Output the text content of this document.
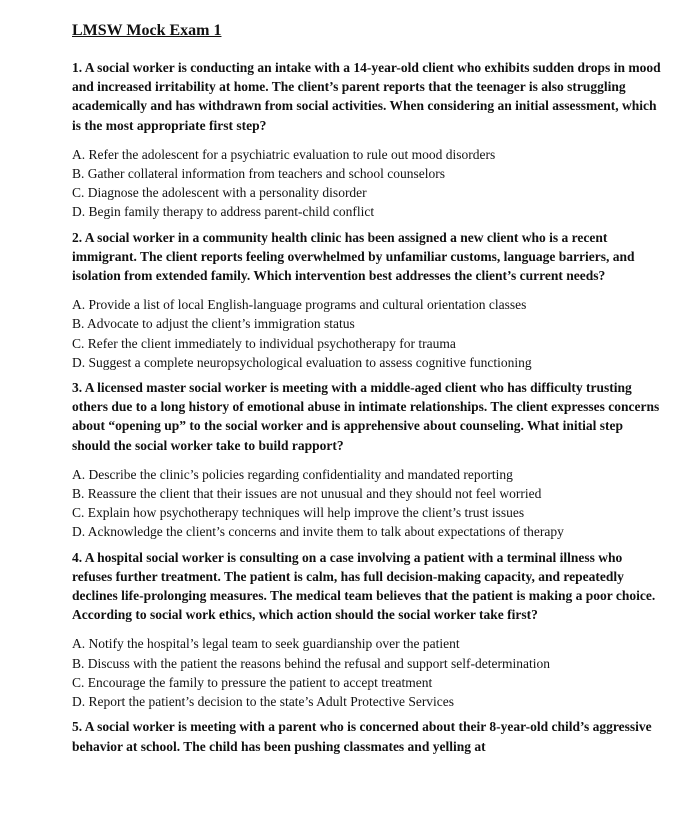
LMSW Mock Exam 1

1. A social worker is conducting an intake with a 14-year-old client who exhibits sudden drops in mood and increased irritability at home. The client’s parent reports that the teenager is also struggling academically and has withdrawn from social activities. When considering an initial assessment, which is the most appropriate first step?

A. Refer the adolescent for a psychiatric evaluation to rule out mood disorders
B. Gather collateral information from teachers and school counselors
C. Diagnose the adolescent with a personality disorder
D. Begin family therapy to address parent-child conflict

2. A social worker in a community health clinic has been assigned a new client who is a recent immigrant. The client reports feeling overwhelmed by unfamiliar customs, language barriers, and isolation from extended family. Which intervention best addresses the client’s current needs?

A. Provide a list of local English-language programs and cultural orientation classes
B. Advocate to adjust the client’s immigration status
C. Refer the client immediately to individual psychotherapy for trauma
D. Suggest a complete neuropsychological evaluation to assess cognitive functioning

3. A licensed master social worker is meeting with a middle-aged client who has difficulty trusting others due to a long history of emotional abuse in intimate relationships. The client expresses concerns about “opening up” to the social worker and is apprehensive about counseling. What initial step should the social worker take to build rapport?

A. Describe the clinic’s policies regarding confidentiality and mandated reporting
B. Reassure the client that their issues are not unusual and they should not feel worried
C. Explain how psychotherapy techniques will help improve the client’s trust issues
D. Acknowledge the client’s concerns and invite them to talk about expectations of therapy

4. A hospital social worker is consulting on a case involving a patient with a terminal illness who refuses further treatment. The patient is calm, has full decision-making capacity, and repeatedly declines life-prolonging measures. The medical team believes that the patient is making a poor choice. According to social work ethics, which action should the social worker take first?

A. Notify the hospital’s legal team to seek guardianship over the patient
B. Discuss with the patient the reasons behind the refusal and support self-determination
C. Encourage the family to pressure the patient to accept treatment
D. Report the patient’s decision to the state’s Adult Protective Services

5. A social worker is meeting with a parent who is concerned about their 8-year-old child’s aggressive behavior at school. The child has been pushing classmates and yelling at
